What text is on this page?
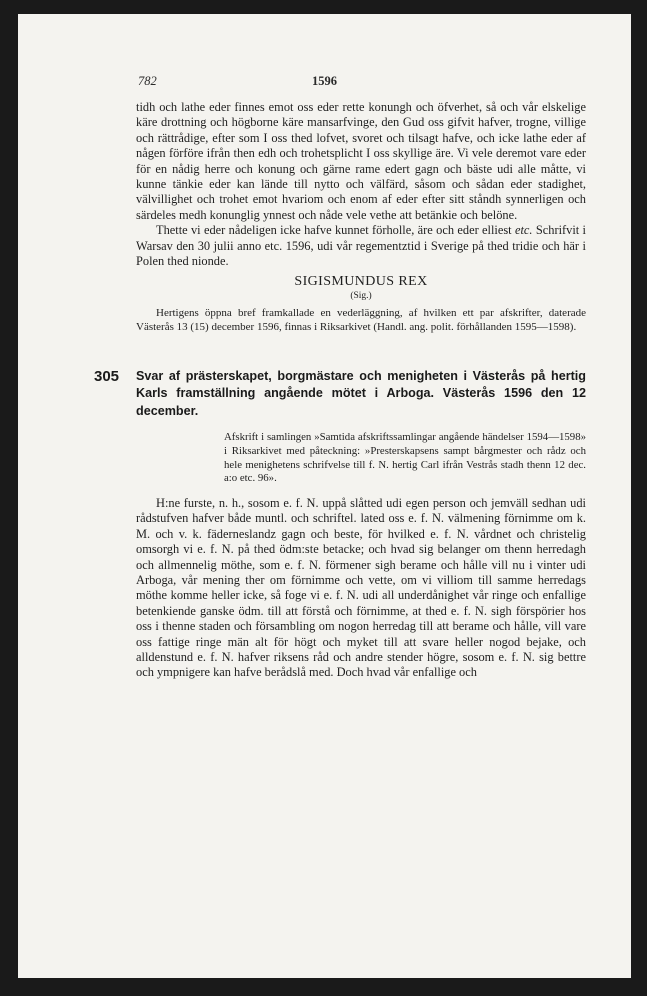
782	1596

tidh och lathe eder finnes emot oss eder rette konungh och öfverhet, så och vår elskelige käre drottning och högborne käre mansarfvinge, den Gud oss gifvit hafver, trogne, villige och rättrådige, efter som I oss thed lofvet, svoret och tilsagt hafve, och icke lathe eder af någen förföre ifrån then edh och trohetsplicht I oss skyllige äre. Vi vele deremot vare eder för en nådig herre och konung och gärne rame edert gagn och bäste udi alle måtte, vi kunne tänkie eder kan lände till nytto och välfärd, såsom och sådan eder stadighet, välvillighet och trohet emot hvariom och enom af eder efter sitt ståndh synnerligen och särdeles medh konunglig ynnest och nåde vele vethe att betänkie och belöne.

Thette vi eder nådeligen icke hafve kunnet förholle, äre och eder elliest etc. Schrifvit i Warsav den 30 julii anno etc. 1596, udi vår regementztid i Sverige på thed tridie och här i Polen thed nionde.

SIGISMUNDUS REX

(Sig.)

Hertigens öppna bref framkallade en vederläggning, af hvilken ett par afskrifter, daterade Västerås 13 (15) december 1596, finnas i Riksarkivet (Handl. ang. polit. förhållanden 1595—1598).

305 Svar af prästerskapet, borgmästare och menigheten i Västerås på hertig Karls framställning angående mötet i Arboga. Västerås 1596 den 12 december.

Afskrift i samlingen »Samtida afskriftssamlingar angående händelser 1594—1598» i Riksarkivet med påteckning: »Presterskapsens sampt bårgmester och rådz och hele menighetens schrifvelse till f. N. hertig Carl ifrån Vestrås stadh thenn 12 dec. a:o etc. 96».

H:ne furste, n. h., sosom e. f. N. uppå slåtted udi egen person och jemväll sedhan udi rådstufven hafver både muntl. och schriftel. lated oss e. f. N. välmening förnimme om k. M. och v. k. fäderneslandz gagn och beste, för hvilked e. f. N. vårdnet och christelig omsorgh vi e. f. N. på thed ödm:ste betacke; och hvad sig belanger om thenn herredagh och allmennelig möthe, som e. f. N. förmener sigh berame och hålle vill nu i vinter udi Arboga, vår mening ther om förnimme och vette, om vi villiom till samme herredags möthe komme heller icke, så foge vi e. f. N. udi all underdånighet vår ringe och enfallige betenkiende ganske ödm. till att förstå och förnimme, at thed e. f. N. sigh förspörier hos oss i thenne staden och försambling om nogon herredag till att berame och hålle, vill vare oss fattige ringe män alt för högt och myket till att svare heller nogod bejake, och alldenstund e. f. N. hafver riksens råd och andre stender högre, sosom e. f. N. sig bettre och ympnigere kan hafve berådslå med. Doch hvad vår enfallige och
